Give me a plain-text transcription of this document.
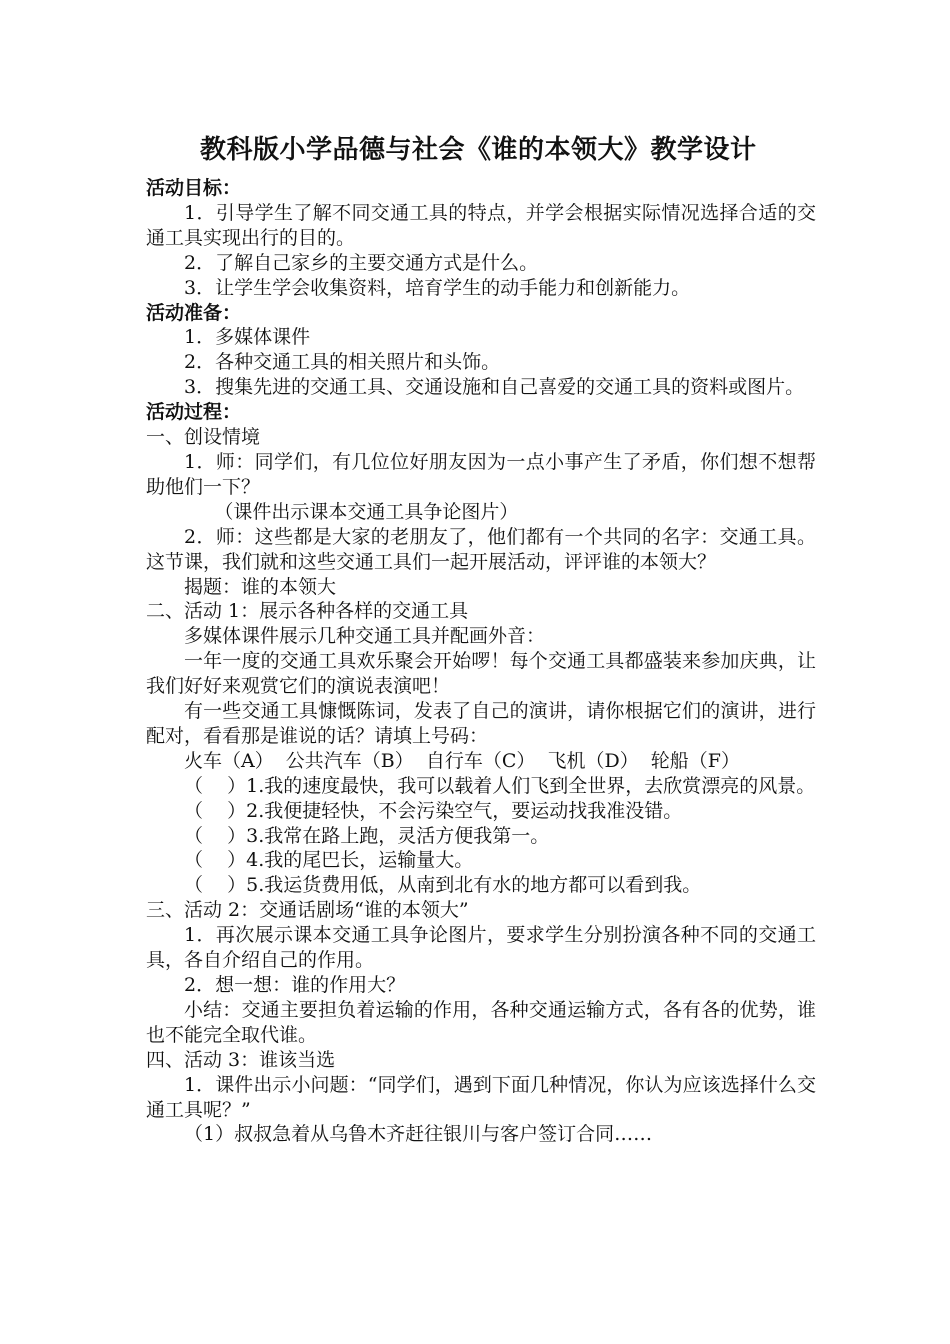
教科版小学品德与社会《谁的本领大》教学设计

活动目标：

1．引导学生了解不同交通工具的特点，并学会根据实际情况选择合适的交通工具实现出行的目的。

2．了解自己家乡的主要交通方式是什么。

3．让学生学会收集资料，培育学生的动手能力和创新能力。

活动准备：

1．多媒体课件

2．各种交通工具的相关照片和头饰。

3．搜集先进的交通工具、交通设施和自己喜爱的交通工具的资料或图片。

活动过程：

一、创设情境

1．师：同学们，有几位位好朋友因为一点小事产生了矛盾，你们想不想帮助他们一下？

（课件出示课本交通工具争论图片）

2．师：这些都是大家的老朋友了，他们都有一个共同的名字：交通工具。这节课，我们就和这些交通工具们一起开展活动，评评谁的本领大？

揭题：谁的本领大

二、活动 1：展示各种各样的交通工具

多媒体课件展示几种交通工具并配画外音：

一年一度的交通工具欢乐聚会开始啰！每个交通工具都盛装来参加庆典，让我们好好来观赏它们的演说表演吧！

有一些交通工具慷慨陈词，发表了自己的演讲，请你根据它们的演讲，进行配对，看看那是谁说的话？请填上号码：

火车（A）  公共汽车（B）  自行车（C）  飞机（D）  轮船（F）

（    ）1.我的速度最快，我可以载着人们飞到全世界，去欣赏漂亮的风景。

（    ）2.我便捷轻快，不会污染空气，要运动找我准没错。

（    ）3.我常在路上跑，灵活方便我第一。

（    ）4.我的尾巴长，运输量大。

（    ）5.我运货费用低，从南到北有水的地方都可以看到我。

三、活动 2：交通话剧场“谁的本领大”

1．再次展示课本交通工具争论图片，要求学生分别扮演各种不同的交通工具，各自介绍自己的作用。

2．想一想：谁的作用大？

小结：交通主要担负着运输的作用，各种交通运输方式，各有各的优势，谁也不能完全取代谁。

四、活动 3：谁该当选

1．课件出示小问题：“同学们，遇到下面几种情况，你认为应该选择什么交通工具呢？”

（1）叔叔急着从乌鲁木齐赶往银川与客户签订合同……
